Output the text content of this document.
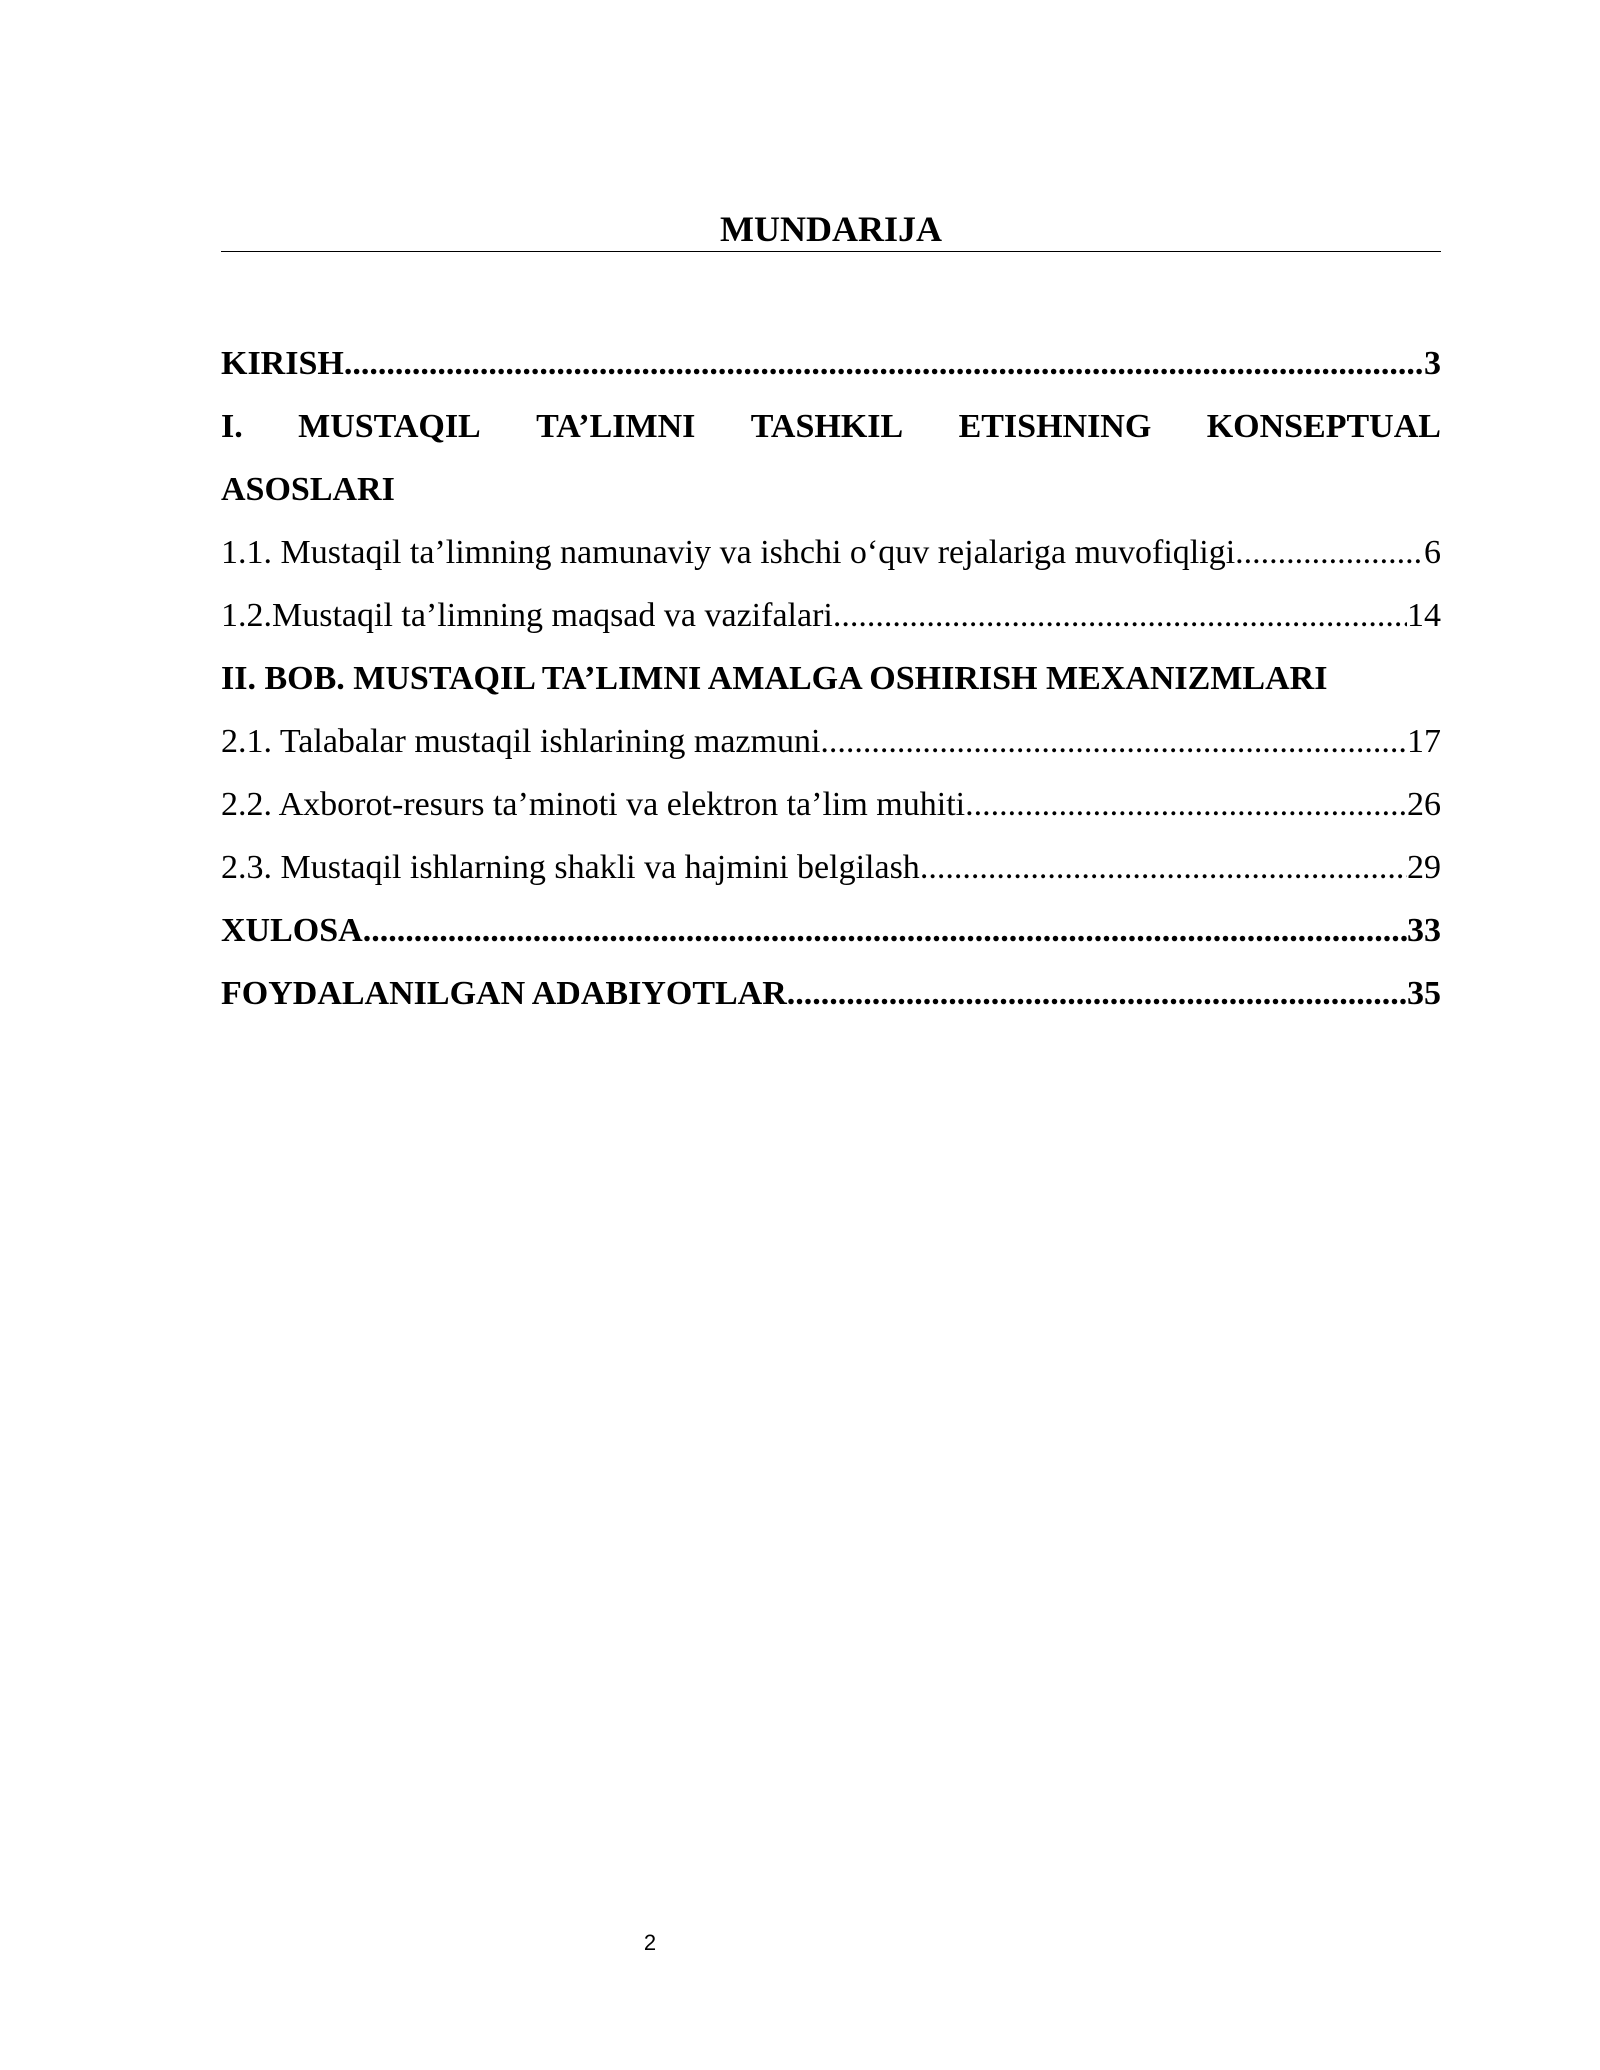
MUNDARIJA
KIRISH .....	3
I. MUSTAQIL TA’LIMNI TASHKIL ETISHNING KONSEPTUAL
ASOSLARI
1.1. Mustaqil ta’limning namunaviy va ishchi o‘quv rejalariga muvofiqligi .....	6
1.2.Mustaqil ta’limning maqsad va vazifalari .....	14
II. BOB. MUSTAQIL TA’LIMNI AMALGA OSHIRISH MEXANIZMLARI
2.1. Talabalar mustaqil ishlarining mazmuni .....	17
2.2. Axborot-resurs ta’minoti va elektron ta’lim muhiti .....	26
2.3. Mustaqil ishlarning shakli va hajmini belgilash .....	29
XULOSA .....	33
FOYDALANILGAN ADABIYOTLAR .....	35
2
